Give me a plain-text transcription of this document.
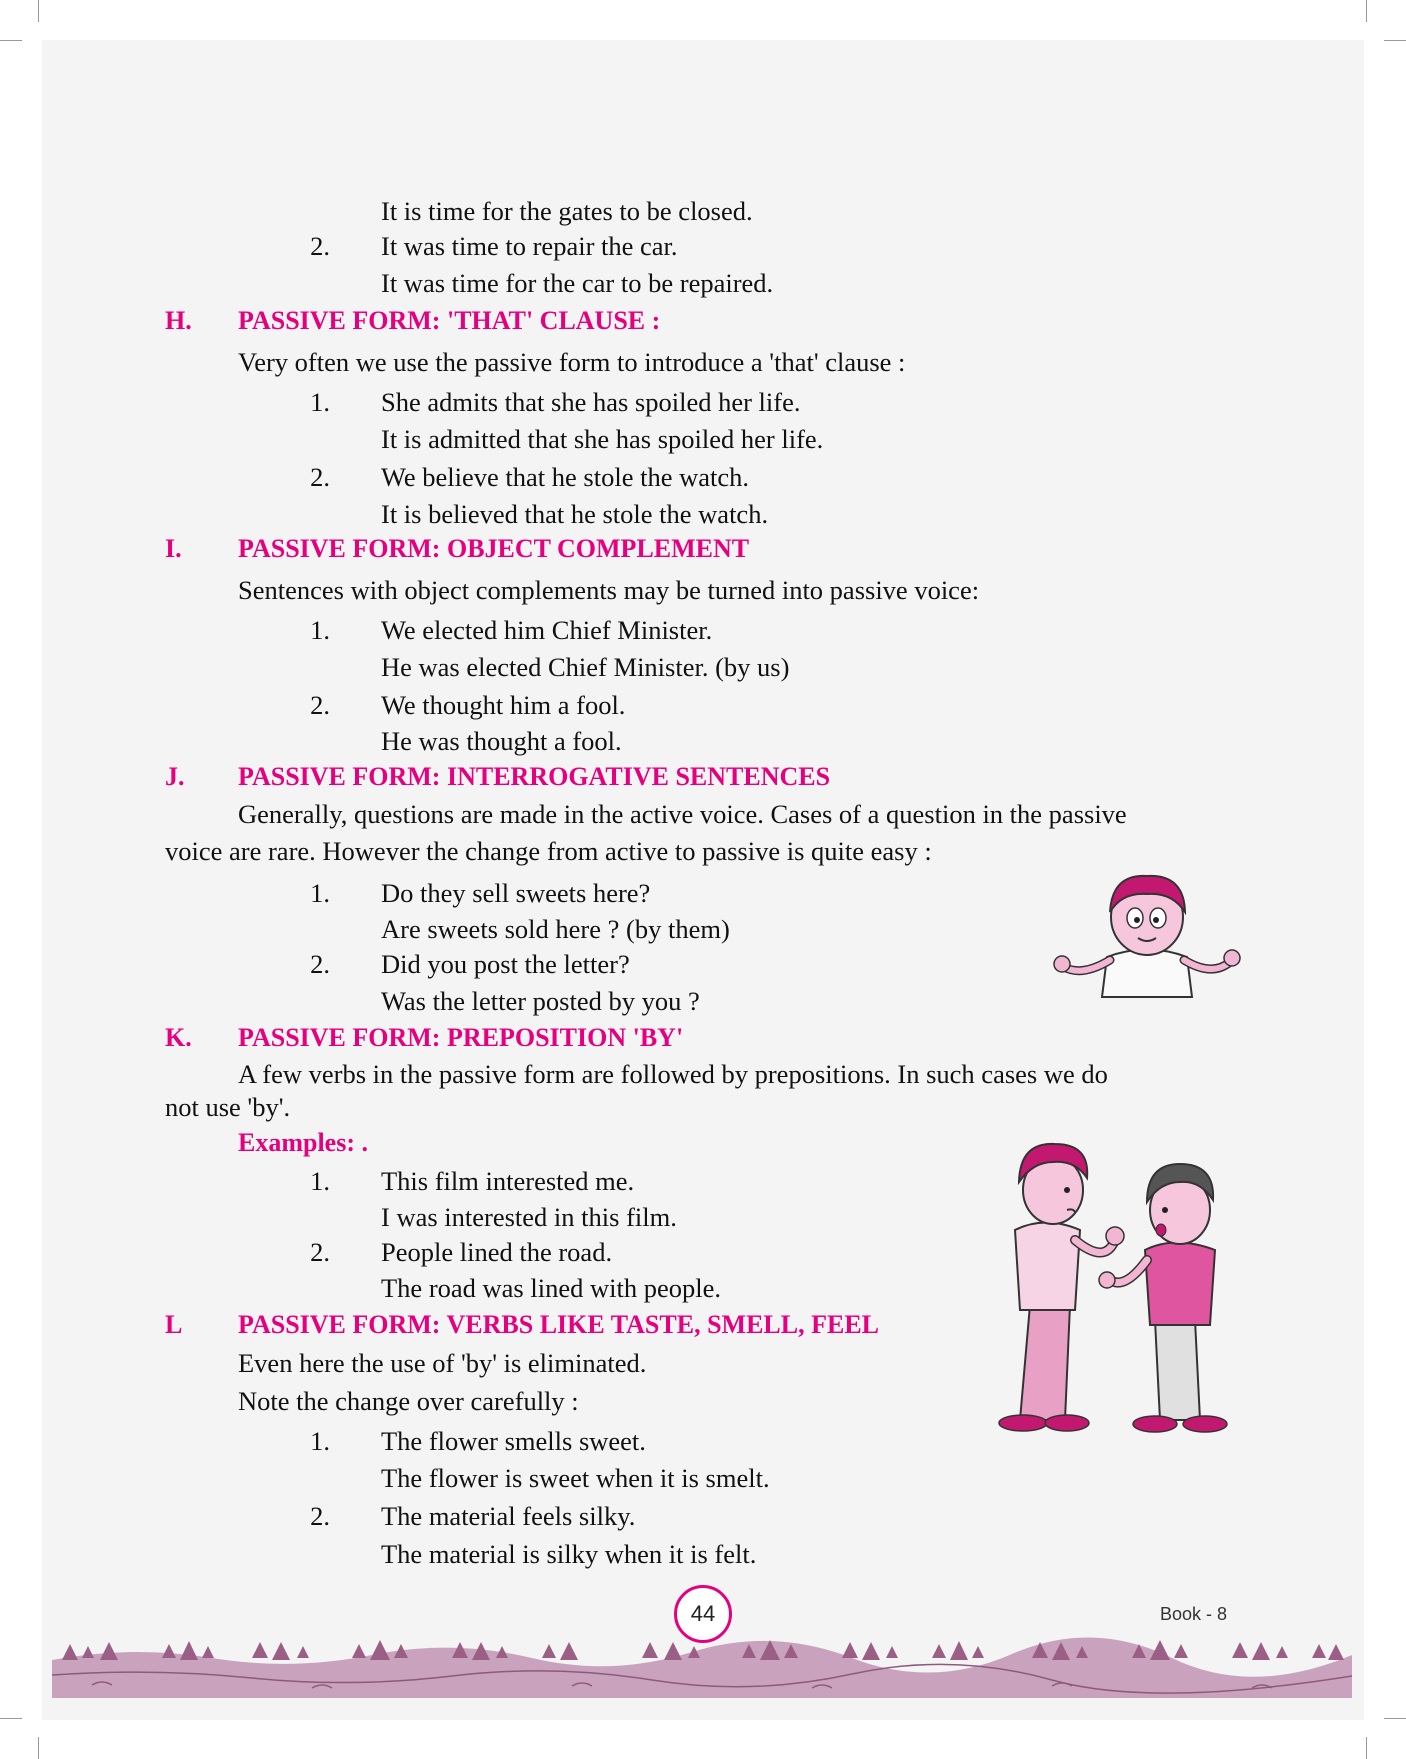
It is time for the gates to be closed.
2. It was time to repair the car.
It was time for the car to be repaired.
H. PASSIVE FORM: 'THAT' CLAUSE :
Very often we use the passive form to introduce a 'that' clause :
1. She admits that she has spoiled her life.
It is admitted that she has spoiled her life.
2. We believe that he stole the watch.
It is believed that he stole the watch.
I. PASSIVE FORM: OBJECT COMPLEMENT
Sentences with object complements may be turned into passive voice:
1. We elected him Chief Minister.
He was elected Chief Minister. (by us)
2. We thought him a fool.
He was thought a fool.
J. PASSIVE FORM: INTERROGATIVE SENTENCES
Generally, questions are made in the active voice. Cases of a question in the passive
voice are rare. However the change from active to passive is quite easy :
1. Do they sell sweets here?
Are sweets sold here ? (by them)
2. Did you post the letter?
Was the letter posted by you ?
K. PASSIVE FORM: PREPOSITION 'BY'
A few verbs in the passive form are followed by prepositions. In such cases we do
not use 'by'.
Examples: .
1. This film interested me.
I was interested in this film.
2. People lined the road.
The road was lined with people.
L PASSIVE FORM: VERBS LIKE TASTE, SMELL, FEEL
Even here the use of 'by' is eliminated.
Note the change over carefully :
1. The flower smells sweet.
The flower is sweet when it is smelt.
2. The material feels silky.
The material is silky when it is felt.
44	Book - 8
